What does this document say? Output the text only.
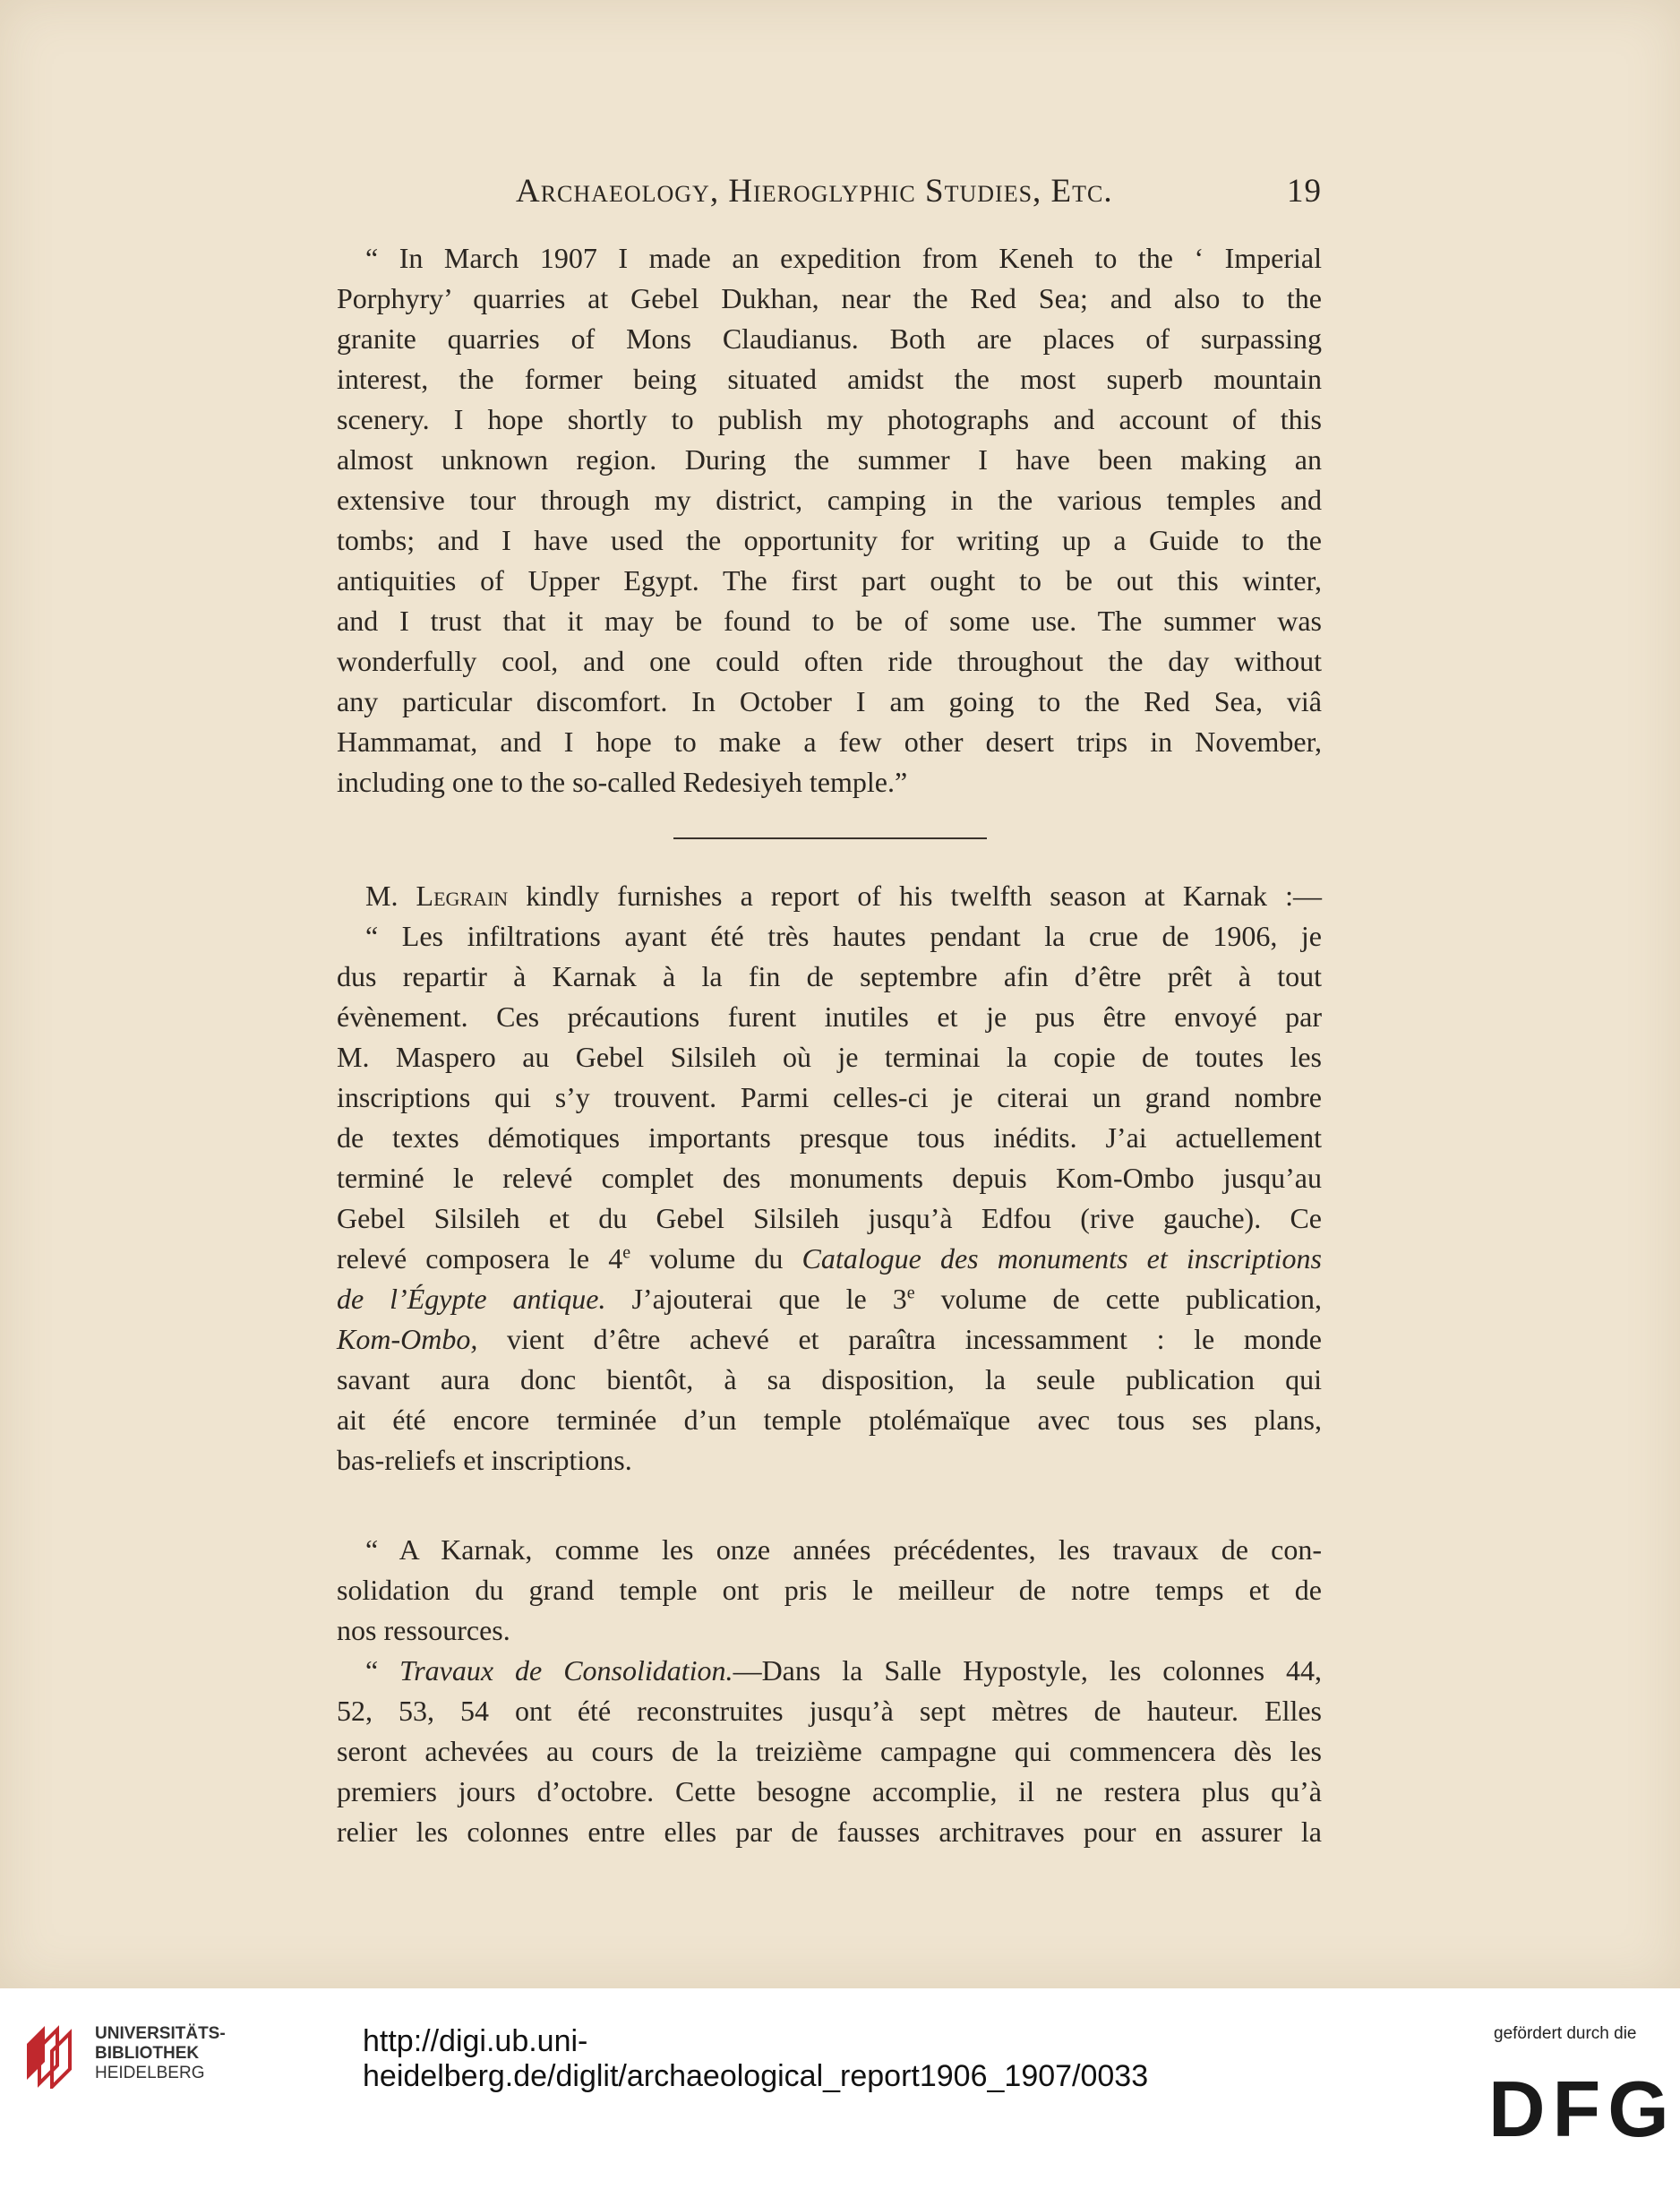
Archaeology, Hieroglyphic Studies, Etc.	19
“ In March 1907 I made an expedition from Keneh to the ‘ Imperial
Porphyry’ quarries at Gebel Dukhan, near the Red Sea; and also to the
granite quarries of Mons Claudianus. Both are places of surpassing
interest, the former being situated amidst the most superb mountain
scenery. I hope shortly to publish my photographs and account of this
almost unknown region. During the summer I have been making an
extensive tour through my district, camping in the various temples and
tombs; and I have used the opportunity for writing up a Guide to the
antiquities of Upper Egypt. The first part ought to be out this winter,
and I trust that it may be found to be of some use. The summer was
wonderfully cool, and one could often ride throughout the day without
any particular discomfort. In October I am going to the Red Sea, viâ
Hammamat, and I hope to make a few other desert trips in November,
including one to the so-called Redesiyeh temple.”
M. Legrain kindly furnishes a report of his twelfth season at Karnak :—
“ Les infiltrations ayant été très hautes pendant la crue de 1906, je
dus repartir à Karnak à la fin de septembre afin d’être prêt à tout
évènement. Ces précautions furent inutiles et je pus être envoyé par
M. Maspero au Gebel Silsileh où je terminai la copie de toutes les
inscriptions qui s’y trouvent. Parmi celles-ci je citerai un grand nombre
de textes démotiques importants presque tous inédits. J’ai actuellement
terminé le relevé complet des monuments depuis Kom-Ombo jusqu’au
Gebel Silsileh et du Gebel Silsileh jusqu’à Edfou (rive gauche). Ce
relevé composera le 4e volume du Catalogue des monuments et inscriptions
de l’Égypte antique. J’ajouterai que le 3e volume de cette publication,
Kom-Ombo, vient d’être achevé et paraîtra incessamment : le monde
savant aura donc bientôt, à sa disposition, la seule publication qui
ait été encore terminée d’un temple ptolémaïque avec tous ses plans,
bas-reliefs et inscriptions.
“ A Karnak, comme les onze années précédentes, les travaux de con-
solidation du grand temple ont pris le meilleur de notre temps et de
nos ressources.
“ Travaux de Consolidation.—Dans la Salle Hypostyle, les colonnes 44,
52, 53, 54 ont été reconstruites jusqu’à sept mètres de hauteur. Elles
seront achevées au cours de la treizième campagne qui commencera dès les
premiers jours d’octobre. Cette besogne accomplie, il ne restera plus qu’à
relier les colonnes entre elles par de fausses architraves pour en assurer la
UNIVERSITÄTS-
BIBLIOTHEK
HEIDELBERG
http://digi.ub.uni-heidelberg.de/diglit/archaeological_report1906_1907/0033
gefördert durch die
DFG
